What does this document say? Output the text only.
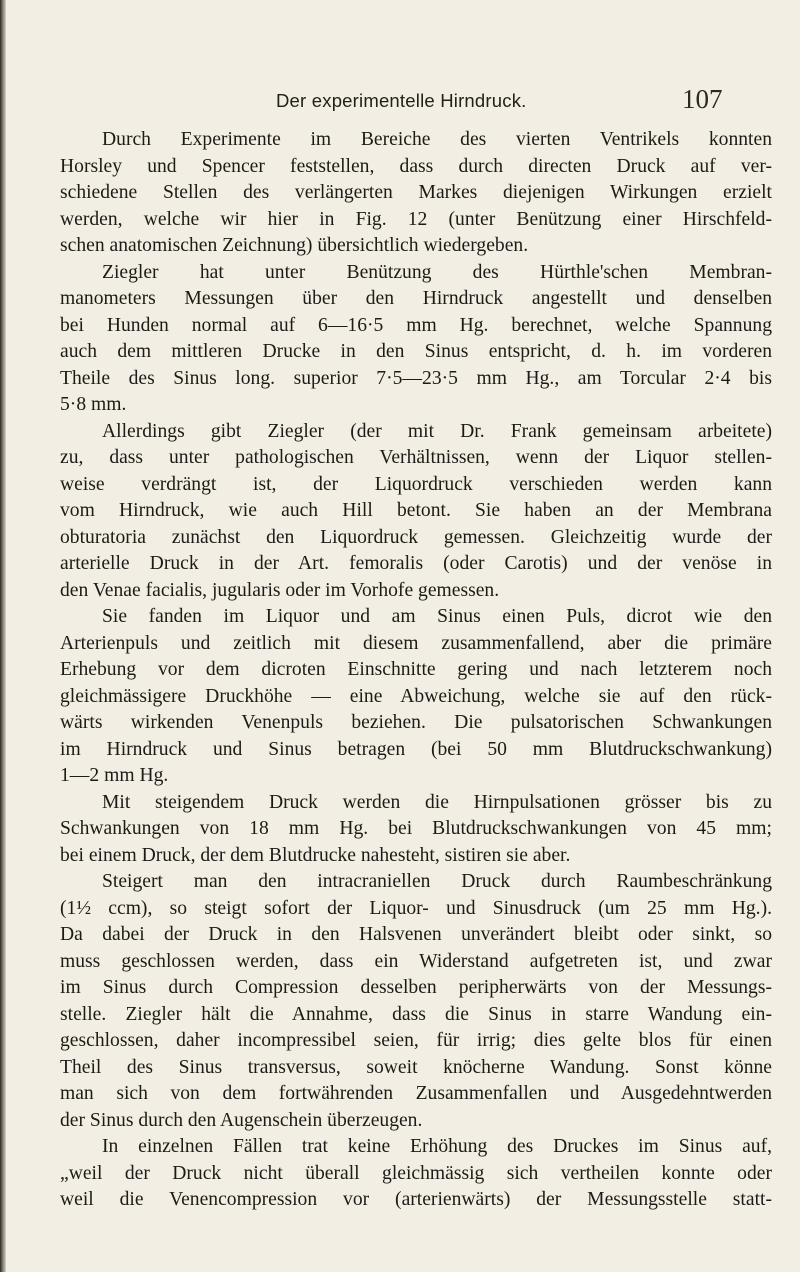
Der experimentelle Hirndruck.	107
Durch Experimente im Bereiche des vierten Ventrikels konnten
Horsley und Spencer feststellen, dass durch directen Druck auf ver-
schiedene Stellen des verlängerten Markes diejenigen Wirkungen erzielt
werden, welche wir hier in Fig. 12 (unter Benützung einer Hirschfeld-
schen anatomischen Zeichnung) übersichtlich wiedergeben.
Ziegler hat unter Benützung des Hürthle'schen Membran-
manometers Messungen über den Hirndruck angestellt und denselben
bei Hunden normal auf 6—16·5 mm Hg. berechnet, welche Spannung
auch dem mittleren Drucke in den Sinus entspricht, d. h. im vorderen
Theile des Sinus long. superior 7·5—23·5 mm Hg., am Torcular 2·4 bis
5·8 mm.
Allerdings gibt Ziegler (der mit Dr. Frank gemeinsam arbeitete)
zu, dass unter pathologischen Verhältnissen, wenn der Liquor stellen-
weise verdrängt ist, der Liquordruck verschieden werden kann
vom Hirndruck, wie auch Hill betont. Sie haben an der Membrana
obturatoria zunächst den Liquordruck gemessen. Gleichzeitig wurde der
arterielle Druck in der Art. femoralis (oder Carotis) und der venöse in
den Venae facialis, jugularis oder im Vorhofe gemessen.
Sie fanden im Liquor und am Sinus einen Puls, dicrot wie den
Arterienpuls und zeitlich mit diesem zusammenfallend, aber die primäre
Erhebung vor dem dicroten Einschnitte gering und nach letzterem noch
gleichmässigere Druckhöhe — eine Abweichung, welche sie auf den rück-
wärts wirkenden Venenpuls beziehen. Die pulsatorischen Schwankungen
im Hirndruck und Sinus betragen (bei 50 mm Blutdruckschwankung)
1—2 mm Hg.
Mit steigendem Druck werden die Hirnpulsationen grösser bis zu
Schwankungen von 18 mm Hg. bei Blutdruckschwankungen von 45 mm;
bei einem Druck, der dem Blutdrucke nahesteht, sistiren sie aber.
Steigert man den intracraniellen Druck durch Raumbeschränkung
(1½ ccm), so steigt sofort der Liquor- und Sinusdruck (um 25 mm Hg.).
Da dabei der Druck in den Halsvenen unverändert bleibt oder sinkt, so
muss geschlossen werden, dass ein Widerstand aufgetreten ist, und zwar
im Sinus durch Compression desselben peripherwärts von der Messungs-
stelle. Ziegler hält die Annahme, dass die Sinus in starre Wandung ein-
geschlossen, daher incompressibel seien, für irrig; dies gelte blos für einen
Theil des Sinus transversus, soweit knöcherne Wandung. Sonst könne
man sich von dem fortwährenden Zusammenfallen und Ausgedehntwerden
der Sinus durch den Augenschein überzeugen.
In einzelnen Fällen trat keine Erhöhung des Druckes im Sinus auf,
„weil der Druck nicht überall gleichmässig sich vertheilen konnte oder
weil die Venencompression vor (arterienwärts) der Messungsstelle statt-
